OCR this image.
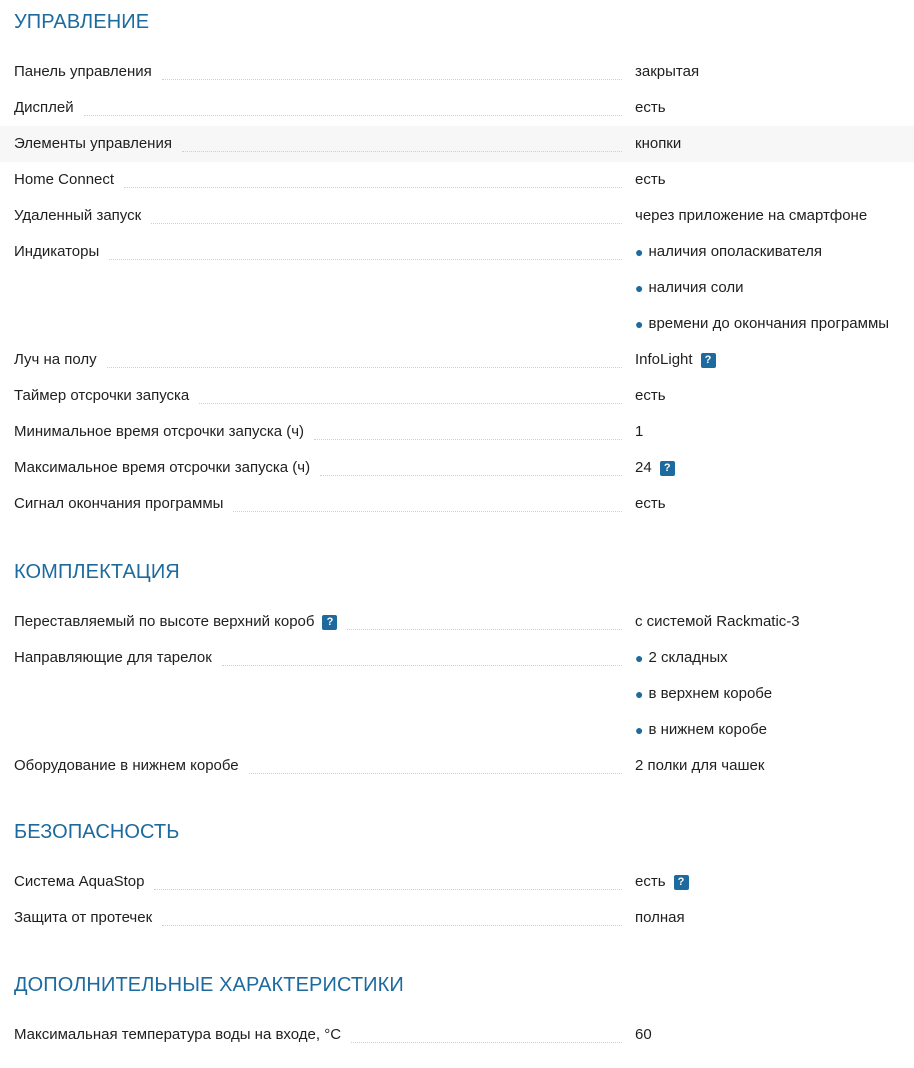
УПРАВЛЕНИЕ
Панель управления	закрытая
Дисплей	есть
Элементы управления	кнопки
Home Connect	есть
Удаленный запуск	через приложение на смартфоне
Индикаторы	● наличия ополаскивателя
● наличия соли
● времени до окончания программы
Луч на полу	InfoLight	?
Таймер отсрочки запуска	есть
Минимальное время отсрочки запуска (ч)	1
Максимальное время отсрочки запуска (ч)	24	?
Сигнал окончания программы	есть
КОМПЛЕКТАЦИЯ
Переставляемый по высоте верхний короб	?	с системой Rackmatic-3
Направляющие для тарелок	● 2 складных
● в верхнем коробе
● в нижнем коробе
Оборудование в нижнем коробе	2 полки для чашек
БЕЗОПАСНОСТЬ
Система AquaStop	есть	?
Защита от протечек	полная
ДОПОЛНИТЕЛЬНЫЕ ХАРАКТЕРИСТИКИ
Максимальная температура воды на входе, °C	60
